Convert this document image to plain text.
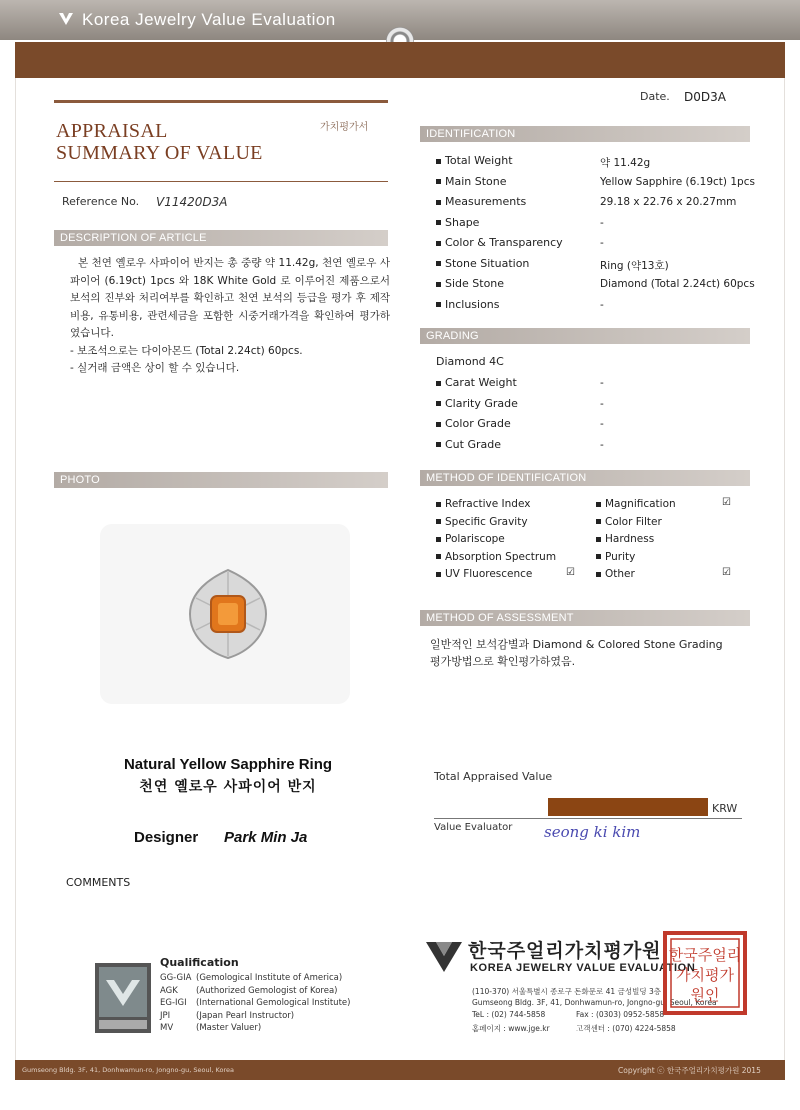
Korea Jewelry Value Evaluation
Date. D0D3A
APPRAISAL
SUMMARY OF VALUE
가치평가서
Reference No. V11420D3A
DESCRIPTION OF ARTICLE

본 천연 옐로우 사파이어 반지는 총 중량 약 11.42g, 천연 옐로우 사파이어 (6.19ct) 1pcs 와 18K White Gold 로 이루어진 제품으로서 보석의 진부와 처리여부를 확인하고 천연 보석의 등급을 평가 후 제작비용, 유통비용, 관련세금을 포함한 시중거래가격을 확인하여 평가하였습니다.

- 보조석으로는 다이아몬드 (Total 2.24ct) 60pcs.

- 실거래 금액은 상이 할 수 있습니다.

PHOTO
Natural Yellow Sapphire Ring
천연 옐로우 사파이어 반지
Designer Park Min Ja
COMMENTS
IDENTIFICATION
Total Weight	약 11.42g
Main Stone	Yellow Sapphire (6.19ct) 1pcs
Measurements	29.18 x 22.76 x 20.27mm
Shape	-
Color & Transparency	-
Stone Situation	Ring (약13호)
Side Stone	Diamond (Total 2.24ct) 60pcs
Inclusions	-
GRADING
Diamond 4C
Carat Weight	-
Clarity Grade	-
Color Grade	-
Cut Grade	-
METHOD OF IDENTIFICATION
Refractive Index
Specific Gravity
Polariscope
Absorption Spectrum
UV Fluorescence	☑
Magnification	☑
Color Filter
Hardness
Purity
Other	☑
METHOD OF ASSESSMENT
일반적인 보석감별과 Diamond & Colored Stone Grading
평가방법으로 확인평가하였음.
Total Appraised Value
KRW
Value Evaluator seong ki kim
Qualification
GG-GIA (Gemological Institute of America)
AGK (Authorized Gemologist of Korea)
EG-IGI (International Gemological Institute)
JPI	(Japan Pearl Instructor)
MV	(Master Valuer)
한국주얼리가치평가원
KOREA JEWELRY VALUE EVALUATION
(110-370) 서울특별시 종로구 돈화문로 41 금성빌딩 3층
Gumseong Bldg. 3F, 41, Donhwamun-ro, Jongno-gu, Seoul, Korea
TeL : (02) 744-5858	Fax : (0303) 0952-5858
홈페이지 : www.jge.kr	고객센터 : (070) 4224-5858
한국주얼리
가치평가
원인
Gumseong Bldg. 3F, 41, Donhwamun-ro, Jongno-gu, Seoul, Korea	Copyright ⓒ 한국주얼리가치평가원 2015
